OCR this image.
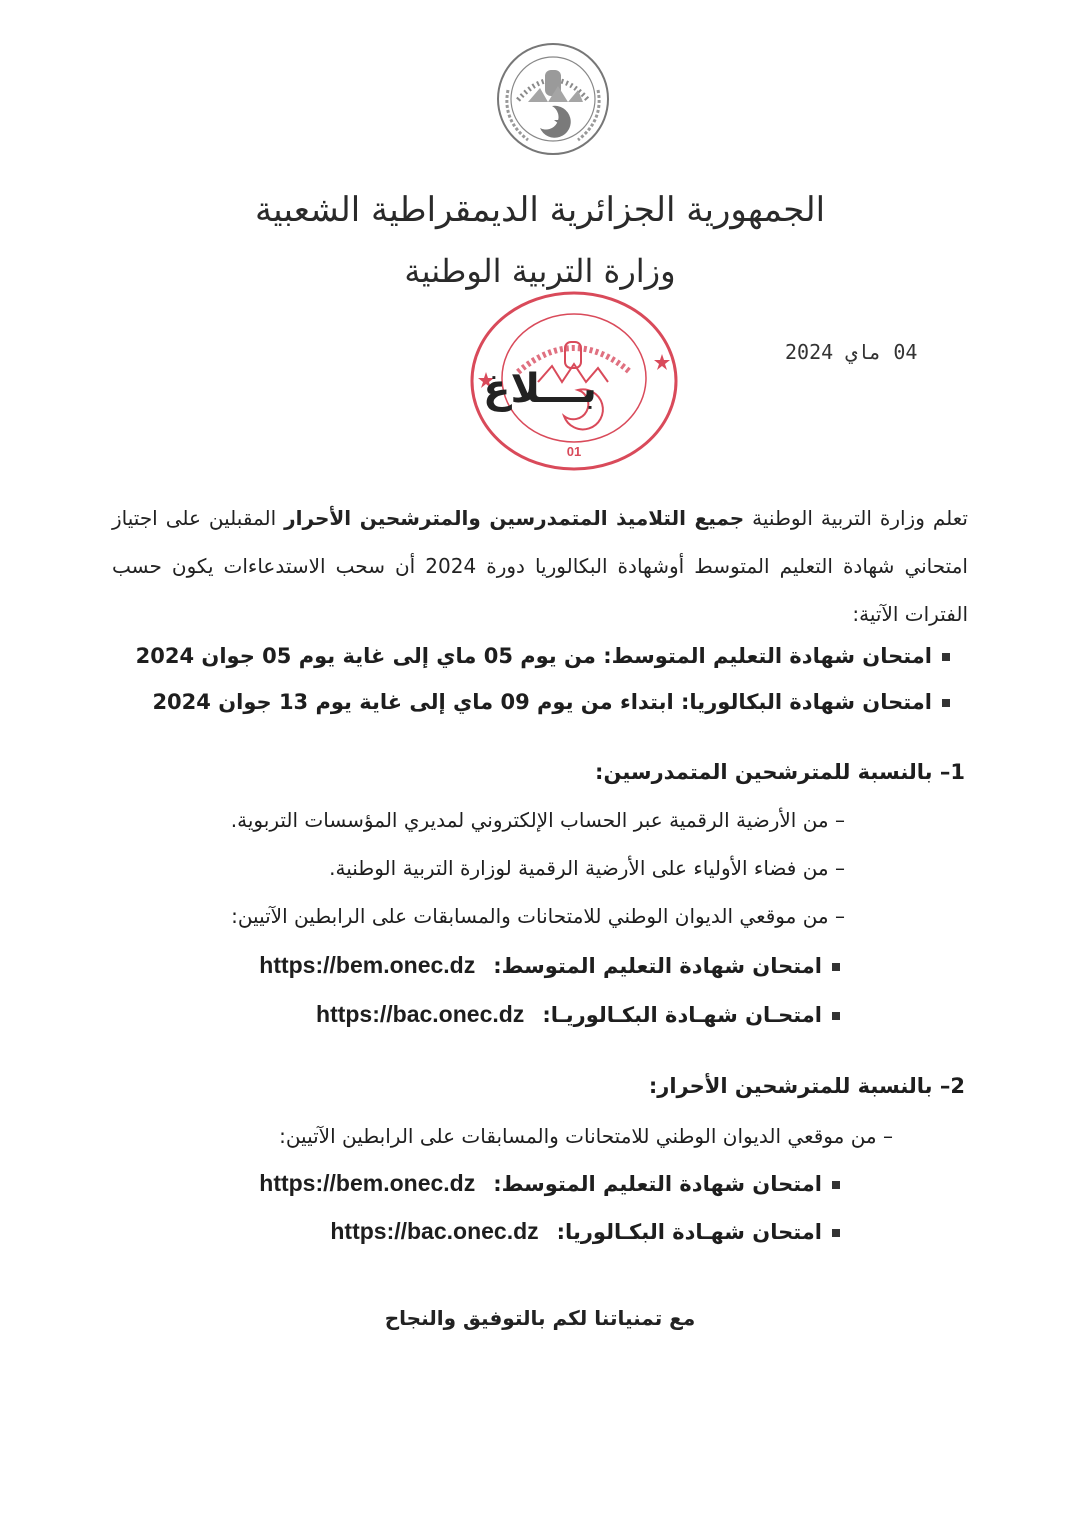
الجمهورية الجزائرية الديمقراطية الشعبية
وزارة التربية الوطنية
01
04 ماي 2024
بـــلاغ
تعلم وزارة التربية الوطنية جميع التلاميذ المتمدرسين والمترشحين الأحرار المقبلين على اجتياز امتحاني شهادة التعليم المتوسط أوشهادة البكالوريا دورة 2024 أن سحب الاستدعاءات يكون حسب الفترات الآتية:
امتحان شهادة التعليم المتوسط: من يوم 05 ماي إلى غاية يوم 05 جوان 2024
امتحان شهادة البكالوريا: ابتداء من يوم 09 ماي إلى غاية يوم 13 جوان 2024
1– بالنسبة للمترشحين المتمدرسين:
– من الأرضية الرقمية عبر الحساب الإلكتروني لمديري المؤسسات التربوية.
– من فضاء الأولياء على الأرضية الرقمية لوزارة التربية الوطنية.
– من موقعي الديوان الوطني للامتحانات والمسابقات على الرابطين الآتيين:
امتحان شهادة التعليم المتوسط:https://bem.onec.dz
امتحـان شهـادة البكـالوريـا:https://bac.onec.dz
2– بالنسبة للمترشحين الأحرار:
– من موقعي الديوان الوطني للامتحانات والمسابقات على الرابطين الآتيين:
امتحان شهادة التعليم المتوسط:https://bem.onec.dz
امتحان شهـادة البكـالوريا:https://bac.onec.dz
مع تمنياتنا لكم بالتوفيق والنجاح
